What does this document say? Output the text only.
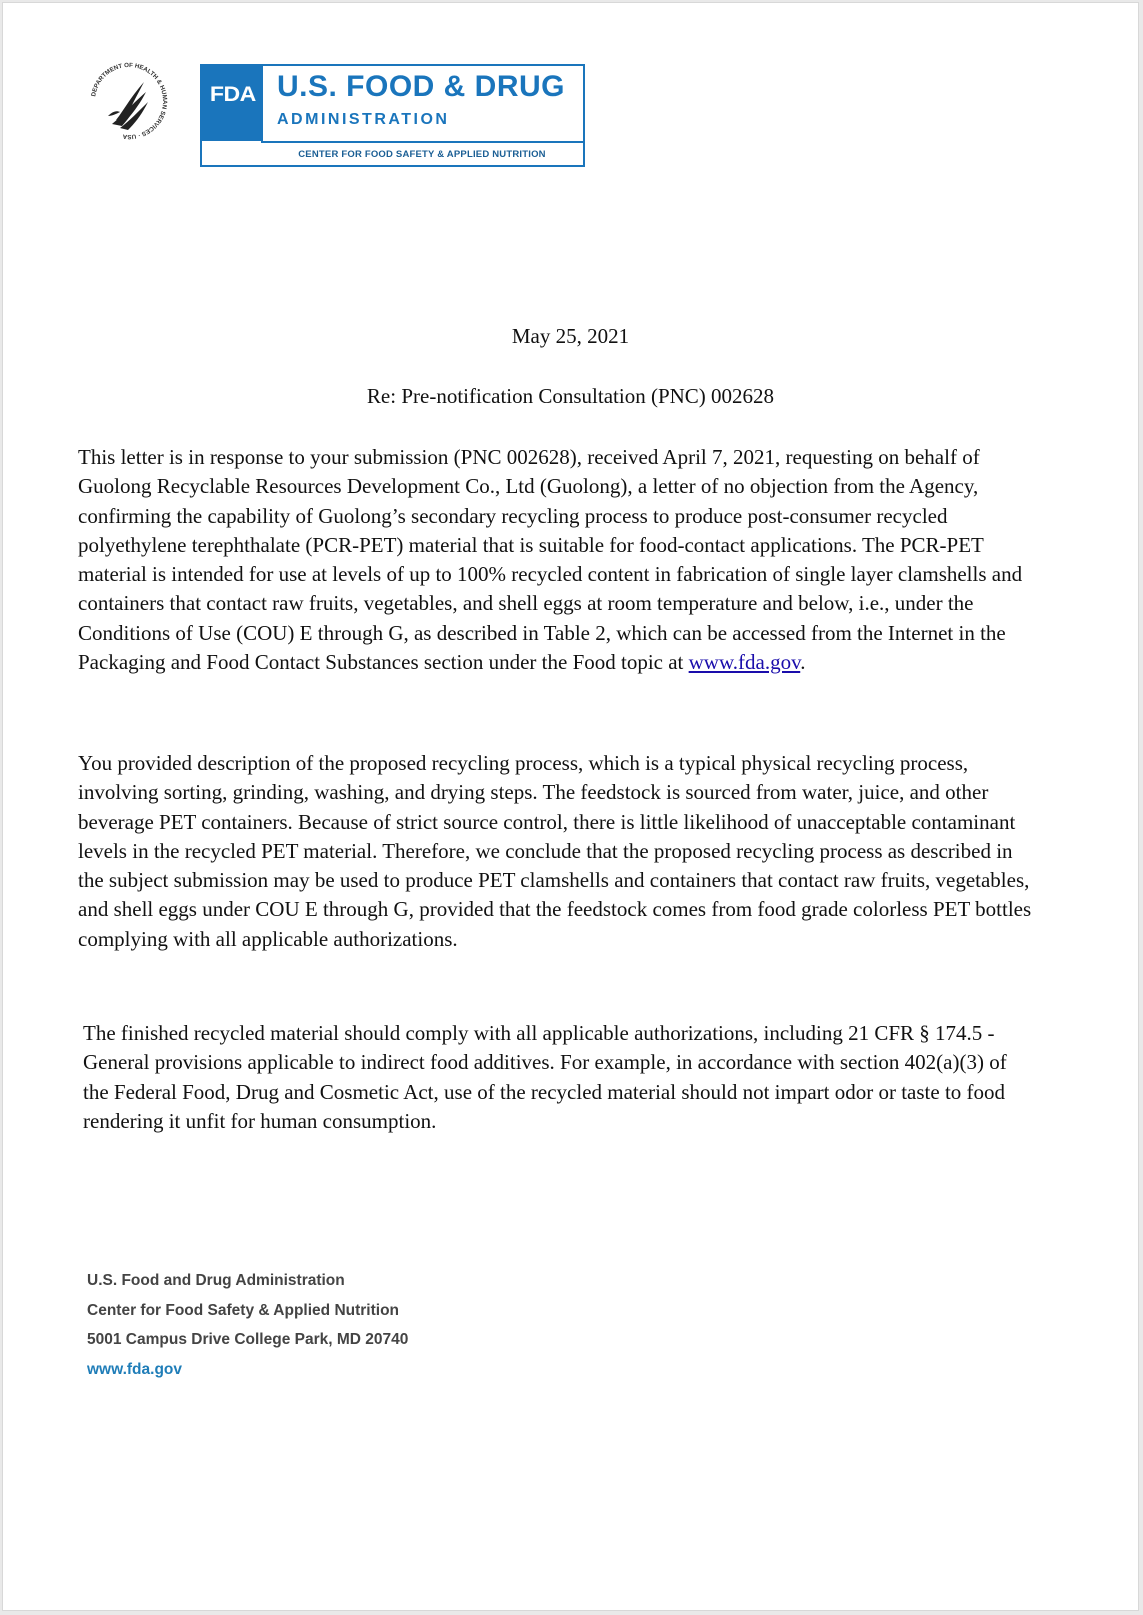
DEPARTMENT OF HEALTH & HUMAN SERVICES · USA
FDA U.S. FOOD & DRUG
ADMINISTRATION
CENTER FOR FOOD SAFETY & APPLIED NUTRITION
May 25, 2021
Re: Pre-notification Consultation (PNC) 002628

This letter is in response to your submission (PNC 002628), received April 7, 2021, requesting on behalf of Guolong Recyclable Resources Development Co., Ltd (Guolong), a letter of no objection from the Agency, confirming the capability of Guolong’s secondary recycling process to produce post-consumer recycled polyethylene terephthalate (PCR-PET) material that is suitable for food-contact applications. The PCR-PET material is intended for use at levels of up to 100% recycled content in fabrication of single layer clamshells and containers that contact raw fruits, vegetables, and shell eggs at room temperature and below, i.e., under the Conditions of Use (COU) E through G, as described in Table 2, which can be accessed from the Internet in the Packaging and Food Contact Substances section under the Food topic at www.fda.gov.

You provided description of the proposed recycling process, which is a typical physical recycling process, involving sorting, grinding, washing, and drying steps. The feedstock is sourced from water, juice, and other beverage PET containers. Because of strict source control, there is little likelihood of unacceptable contaminant levels in the recycled PET material. Therefore, we conclude that the proposed recycling process as described in the subject submission may be used to produce PET clamshells and containers that contact raw fruits, vegetables, and shell eggs under COU E through G, provided that the feedstock comes from food grade colorless PET bottles complying with all applicable authorizations.

The finished recycled material should comply with all applicable authorizations, including 21 CFR § 174.5 - General provisions applicable to indirect food additives. For example, in accordance with section 402(a)(3) of the Federal Food, Drug and Cosmetic Act, use of the recycled material should not impart odor or taste to food rendering it unfit for human consumption.

U.S. Food and Drug Administration
Center for Food Safety & Applied Nutrition
5001 Campus Drive College Park, MD 20740
www.fda.gov
